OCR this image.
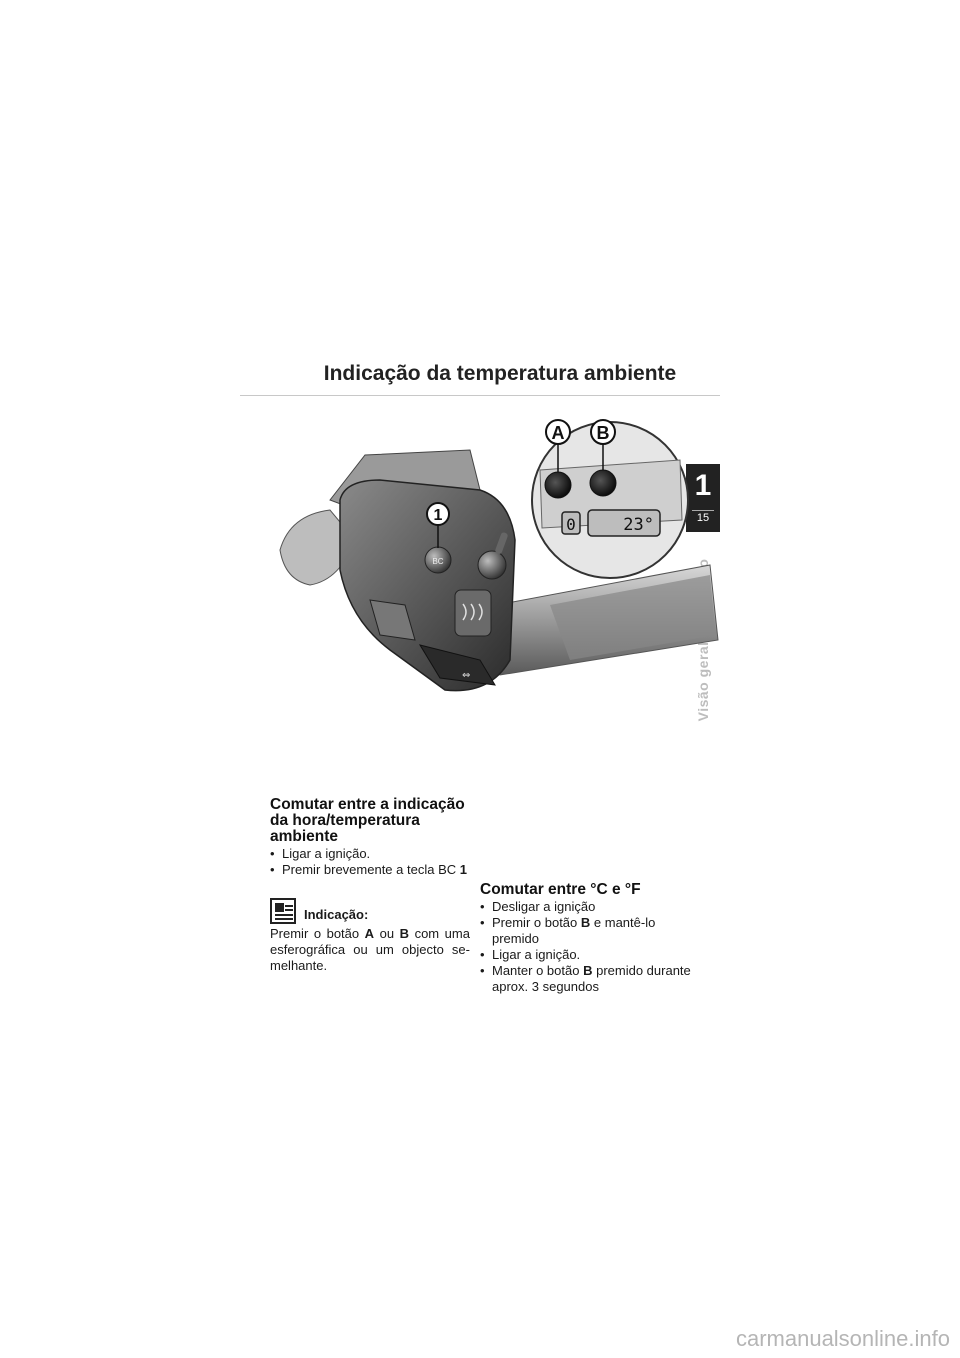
Indicação da temperatura ambiente
1
15
BC
⇔
1	0	23°
A B
Comutar entre a indicação
da hora/temperatura
ambiente
• Ligar a ignição.
• Premir brevemente a tecla BC 1
Indicação:
Premir o botão A ou B com uma esferográfica ou um objecto se- melhante.
Comutar entre °C e °F
• Desligar a ignição
• Premir o botão B e mantê-lo premido
• Ligar a ignição.
• Manter o botão B premido durante aprox. 3 segundos
carmanualsonline.info
